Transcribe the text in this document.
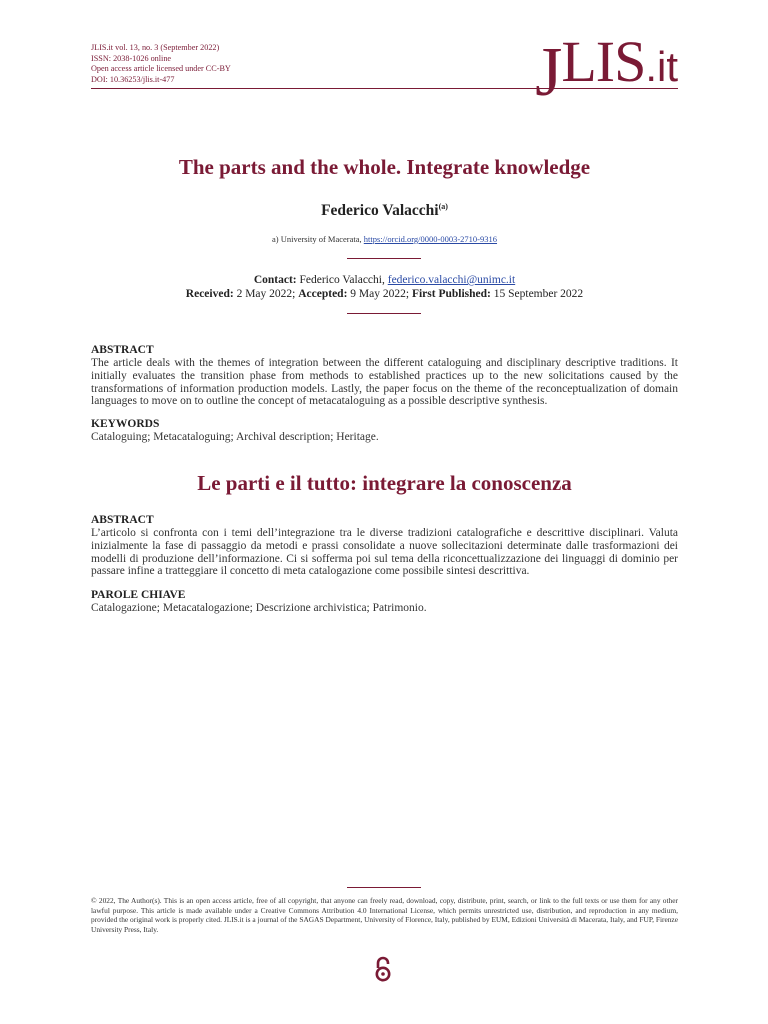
JLIS.it vol. 13, no. 3 (September 2022)
ISSN: 2038-1026 online
Open access article licensed under CC-BY
DOI: 10.36253/jlis.it-477	JLIS.it
The parts and the whole. Integrate knowledge
Federico Valacchi$^{(a)}$
a) University of Macerata, https://orcid.org/0000-0003-2710-9316
Contact: Federico Valacchi, federico.valacchi@unimc.it
Received: 2 May 2022; Accepted: 9 May 2022; First Published: 15 September 2022
ABSTRACT
The article deals with the themes of integration between the different cataloguing and disciplinary descriptive traditions. It initially evaluates the transition phase from methods to established practices up to the new solicitations caused by the transformations of information production models. Lastly, the paper focus on the theme of the reconceptualization of domain languages to move on to outline the concept of metacataloguing as a possible descriptive synthesis.
KEYWORDS
Cataloguing; Metacataloguing; Archival description; Heritage.
Le parti e il tutto: integrare la conoscenza
ABSTRACT
L’articolo si confronta con i temi dell’integrazione tra le diverse tradizioni catalografiche e descrittive disciplinari. Valuta inizialmente la fase di passaggio da metodi e prassi consolidate a nuove sollecitazioni determinate dalle trasformazioni dei modelli di produzione dell’informazione. Ci si sofferma poi sul tema della riconcettualizzazione dei linguaggi di dominio per passare infine a tratteggiare il concetto di meta catalogazione come possibile sintesi descrittiva.
PAROLE CHIAVE
Catalogazione; Metacatalogazione; Descrizione archivistica; Patrimonio.
© 2022, The Author(s). This is an open access article, free of all copyright, that anyone can freely read, download, copy, distribute, print, search, or link to the full texts or use them for any other lawful purpose. This article is made available under a Creative Commons Attribution 4.0 International License, which permits unrestricted use, distribution, and reproduction in any medium, provided the original work is properly cited. JLIS.it is a journal of the SAGAS Department, University of Florence, Italy, published by EUM, Edizioni Università di Macerata, Italy, and FUP, Firenze University Press, Italy.
